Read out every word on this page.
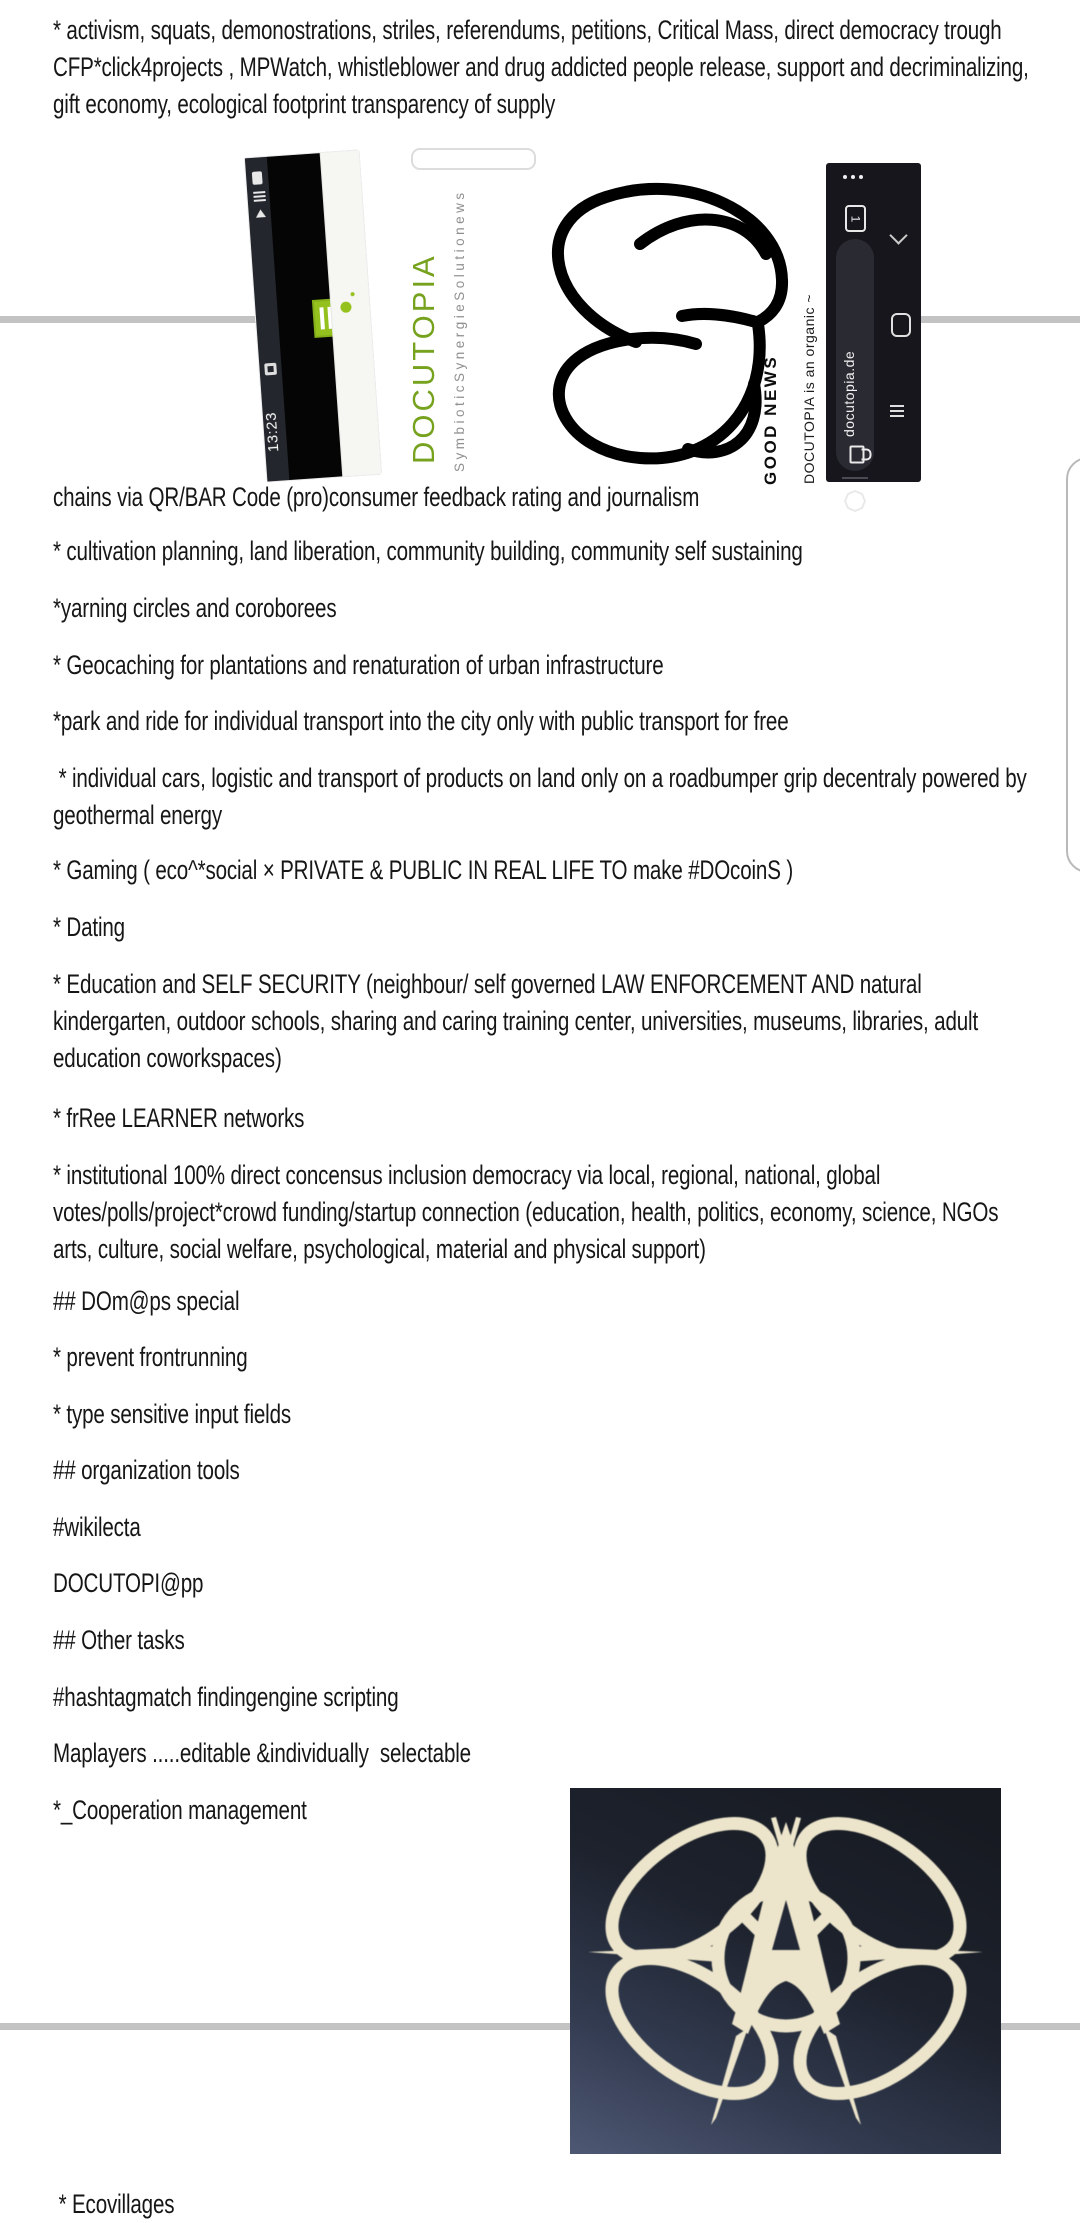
* activism, squats, demonostrations, striles, referendums, petitions, Critical Mass, direct democracy trough CFP*click4projects , MPWatch, whistleblower and drug addicted people release, support and decriminalizing, gift economy, ecological footprint transparency of supply

chains via QR/BAR Code (pro)consumer feedback rating and journalism

* cultivation planning, land liberation, community building, community self sustaining

*yarning circles and coroborees

* Geocaching for plantations and renaturation of urban infrastructure

*park and ride for individual transport into the city only with public transport for free

* individual cars, logistic and transport of products on land only on a roadbumper grip decentraly powered by geothermal energy

* Gaming ( eco^*social × PRIVATE & PUBLIC IN REAL LIFE TO make #DOcoinS )

* Dating

* Education and SELF SECURITY (neighbour/ self governed LAW ENFORCEMENT AND natural kindergarten, outdoor schools, sharing and caring training center, universities, museums, libraries, adult education coworkspaces)

* frRee LEARNER networks

* institutional 100% direct concensus inclusion democracy via local, regional, national, global votes/polls/project*crowd funding/startup connection (education, health, politics, economy, science, NGOs arts, culture, social welfare, psychological, material and physical support)

## DOm@ps special

* prevent frontrunning

* type sensitive input fields

## organization tools

#wikilecta

DOCUTOPI@pp

## Other tasks

#hashtagmatch findingengine scripting

Maplayers .....editable &individually  selectable

*_Cooperation management

* Ecovillages

13:23	DOCUTOPIA SymbioticSynergieSolutionews	GOOD NEWS	DOCUTOPIA is an organic ~
1
docutopia.de
